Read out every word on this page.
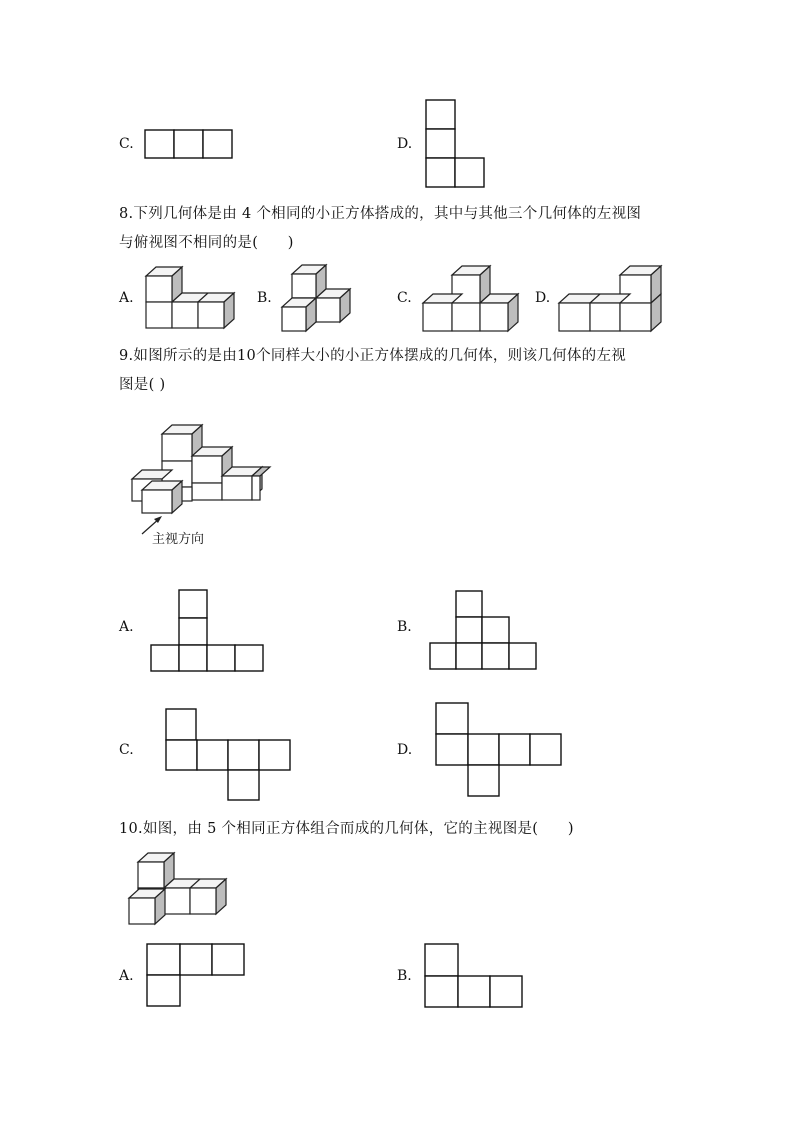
C.	D.
8.下列几何体是由 4 个相同的小正方体搭成的，其中与其他三个几何体的左视图
与俯视图不相同的是(　　)
A.	B.	C.	D.
9.如图所示的是由10个同样大小的小正方体摆成的几何体，则该几何体的左视
图是( )
主视方向
A.	B.
C.	D.
10.如图，由 5 个相同正方体组合而成的几何体，它的主视图是(　　)
A.	B.
